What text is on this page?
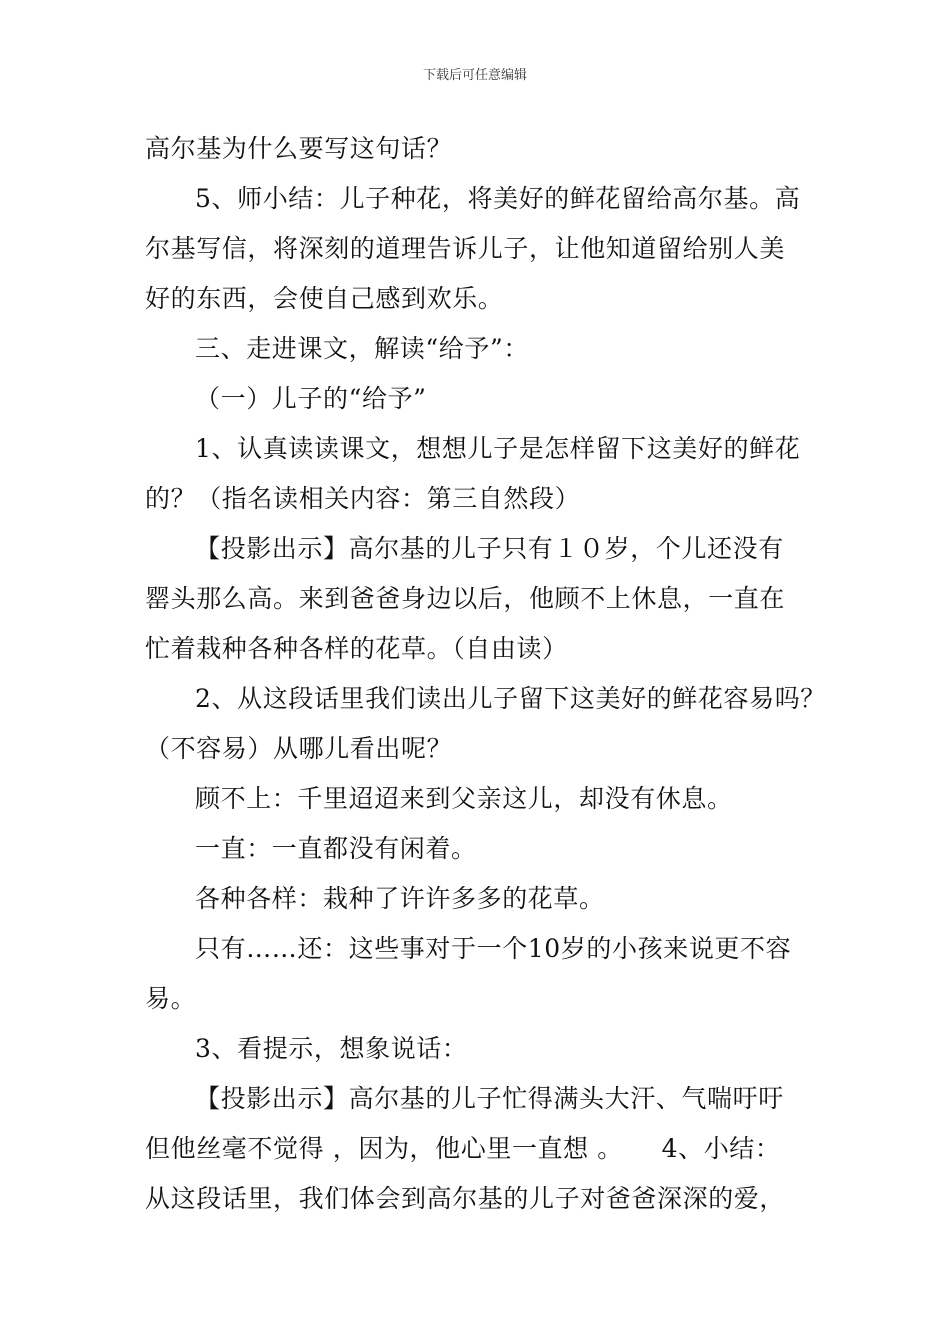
下载后可任意编辑
高尔基为什么要写这句话？
5、师小结：儿子种花，将美好的鲜花留给高尔基。高
尔基写信，将深刻的道理告诉儿子，让他知道留给别人美
好的东西，会使自己感到欢乐。
三、走进课文，解读“给予”：
（一）儿子的“给予”
1、认真读读课文，想想儿子是怎样留下这美好的鲜花
的？（指名读相关内容：第三自然段）
【投影出示】高尔基的儿子只有１０岁，个儿还没有
罂头那么高。来到爸爸身边以后，他顾不上休息，一直在
忙着栽种各种各样的花草。（自由读）
2、从这段话里我们读出儿子留下这美好的鲜花容易吗？
（不容易）从哪儿看出呢？
顾不上：千里迢迢来到父亲这儿，却没有休息。
一直：一直都没有闲着。
各种各样：栽种了许许多多的花草。
只有……还：这些事对于一个10岁的小孩来说更不容
易。
3、看提示，想象说话：
【投影出示】高尔基的儿子忙得满头大汗、气喘吁吁
但他丝毫不觉得 ，因为，他心里一直想 。　　4、小结：
从这段话里，我们体会到高尔基的儿子对爸爸深深的爱，
